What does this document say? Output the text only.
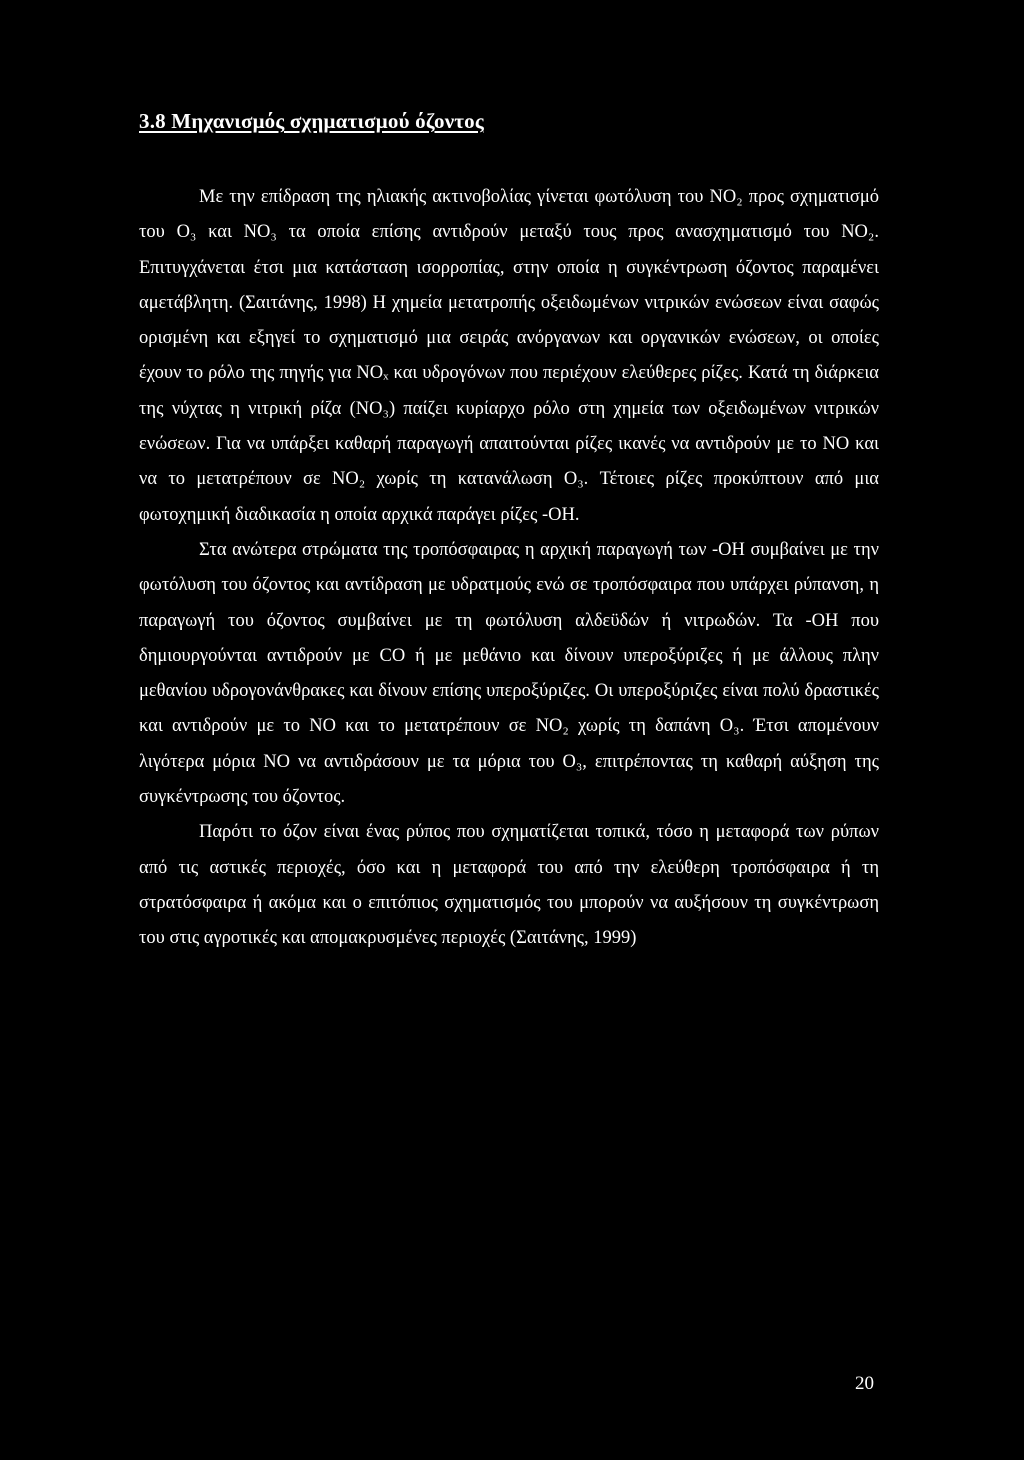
3.8 Μηχανισμός σχηματισμού όζοντος

Με την επίδραση της ηλιακής ακτινοβολίας γίνεται φωτόλυση του NO₂ προς σχηματισμό του O₃ και NO₃ τα οποία επίσης αντιδρούν μεταξύ τους προς ανασχηματισμό του NO₂. Επιτυγχάνεται έτσι μια κατάσταση ισορροπίας, στην οποία η συγκέντρωση όζοντος παραμένει αμετάβλητη. (Σαιτάνης, 1998) Η χημεία μετατροπής οξειδωμένων νιτρικών ενώσεων είναι σαφώς ορισμένη και εξηγεί το σχηματισμό μια σειράς ανόργανων και οργανικών ενώσεων, οι οποίες έχουν το ρόλο της πηγής για NOₓ και υδρογόνων που περιέχουν ελεύθερες ρίζες. Κατά τη διάρκεια της νύχτας η νιτρική ρίζα (NO₃) παίζει κυρίαρχο ρόλο στη χημεία των οξειδωμένων νιτρικών ενώσεων. Για να υπάρξει καθαρή παραγωγή απαιτούνται ρίζες ικανές να αντιδρούν με το NO και να το μετατρέπουν σε NO₂ χωρίς τη κατανάλωση O₃. Τέτοιες ρίζες προκύπτουν από μια φωτοχημική διαδικασία η οποία αρχικά παράγει ρίζες -OH.

Στα ανώτερα στρώματα της τροπόσφαιρας η αρχική παραγωγή των -OH συμβαίνει με την φωτόλυση του όζοντος και αντίδραση με υδρατμούς ενώ σε τροπόσφαιρα που υπάρχει ρύπανση, η παραγωγή του όζοντος συμβαίνει με τη φωτόλυση αλδεϋδών ή νιτρωδών. Τα -OH που δημιουργούνται αντιδρούν με CO ή με μεθάνιο και δίνουν υπεροξύριζες ή με άλλους πλην μεθανίου υδρογονάνθρακες και δίνουν επίσης υπεροξύριζες. Οι υπεροξύριζες είναι πολύ δραστικές και αντιδρούν με το NO και το μετατρέπουν σε NO₂ χωρίς τη δαπάνη O₃. Έτσι απομένουν λιγότερα μόρια NO να αντιδράσουν με τα μόρια του O₃, επιτρέποντας τη καθαρή αύξηση της συγκέντρωσης του όζοντος.

Παρότι το όζον είναι ένας ρύπος που σχηματίζεται τοπικά, τόσο η μεταφορά των ρύπων από τις αστικές περιοχές, όσο και η μεταφορά του από την ελεύθερη τροπόσφαιρα ή τη στρατόσφαιρα ή ακόμα και ο επιτόπιος σχηματισμός του μπορούν να αυξήσουν τη συγκέντρωση του στις αγροτικές και απομακρυσμένες περιοχές (Σαιτάνης, 1999)

20
